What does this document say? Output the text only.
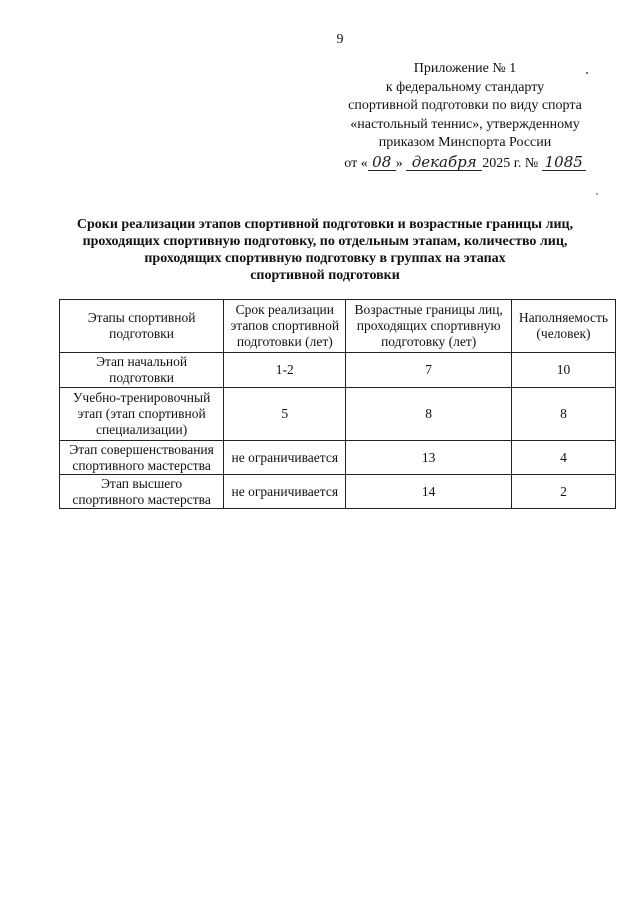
9
Приложение № 1
к федеральному стандарту
спортивной подготовки по виду спорта
«настольный теннис», утвержденному
приказом Минспорта России
от « 08 » декабря 2025 г. № 1085
Сроки реализации этапов спортивной подготовки и возрастные границы лиц,
проходящих спортивную подготовку, по отдельным этапам, количество лиц,
проходящих спортивную подготовку в группах на этапах
спортивной подготовки
Этапы спортивной
подготовки	Срок реализации
этапов спортивной
подготовки (лет)	Возрастные границы лиц,
проходящих спортивную
подготовку (лет)	Наполняемость
(человек)

Этап начальной
подготовки	1-2	7	10

Учебно-тренировочный
этап (этап спортивной
специализации)	5	8	8

Этап совершенствования
спортивного мастерства	не ограничивается	13	4

Этап высшего
спортивного мастерства	не ограничивается	14	2
